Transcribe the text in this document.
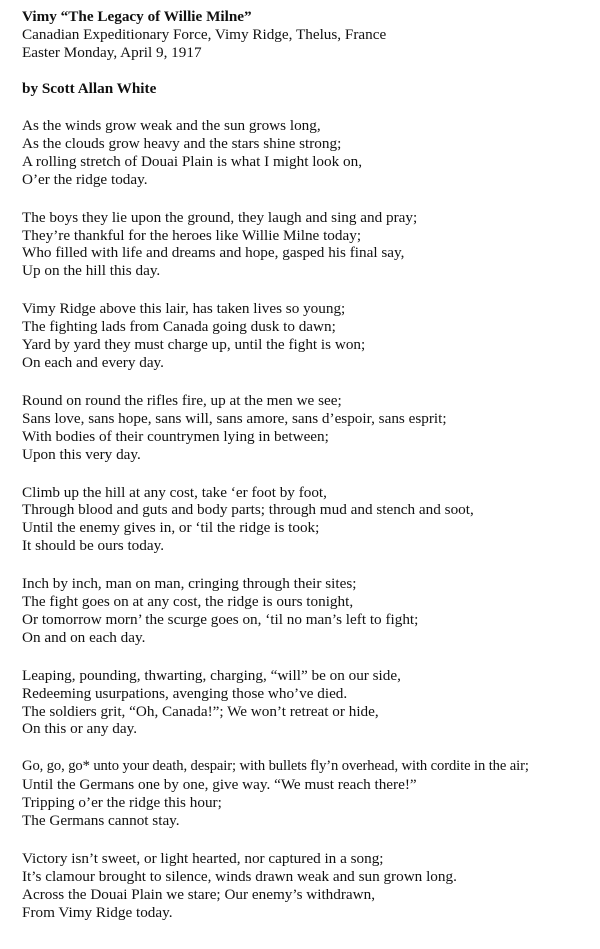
Vimy “The Legacy of Willie Milne”
Canadian Expeditionary Force, Vimy Ridge, Thelus, France
Easter Monday, April 9, 1917
by Scott Allan White
As the winds grow weak and the sun grows long,
As the clouds grow heavy and the stars shine strong;
A rolling stretch of Douai Plain is what I might look on,
O’er the ridge today.
The boys they lie upon the ground, they laugh and sing and pray;
They’re thankful for the heroes like Willie Milne today;
Who filled with life and dreams and hope, gasped his final say,
Up on the hill this day.
Vimy Ridge above this lair, has taken lives so young;
The fighting lads from Canada going dusk to dawn;
Yard by yard they must charge up, until the fight is won;
On each and every day.
Round on round the rifles fire, up at the men we see;
Sans love, sans hope, sans will, sans amore, sans d’espoir, sans esprit;
With bodies of their countrymen lying in between;
Upon this very day.
Climb up the hill at any cost, take ‘er foot by foot,
Through blood and guts and body parts; through mud and stench and soot,
Until the enemy gives in, or ‘til the ridge is took;
It should be ours today.
Inch by inch, man on man, cringing through their sites;
The fight goes on at any cost, the ridge is ours tonight,
Or tomorrow morn’ the scurge goes on, ‘til no man’s left to fight;
On and on each day.
Leaping, pounding, thwarting, charging, “will” be on our side,
Redeeming usurpations, avenging those who’ve died.
The soldiers grit, “Oh, Canada!”; We won’t retreat or hide,
On this or any day.
Go, go, go* unto your death, despair; with bullets fly’n overhead, with cordite in the air;
Until the Germans one by one, give way. “We must reach there!”
Tripping o’er the ridge this hour;
The Germans cannot stay.
Victory isn’t sweet, or light hearted, nor captured in a song;
It’s clamour brought to silence, winds drawn weak and sun grown long.
Across the Douai Plain we stare; Our enemy’s withdrawn,
From Vimy Ridge today.
